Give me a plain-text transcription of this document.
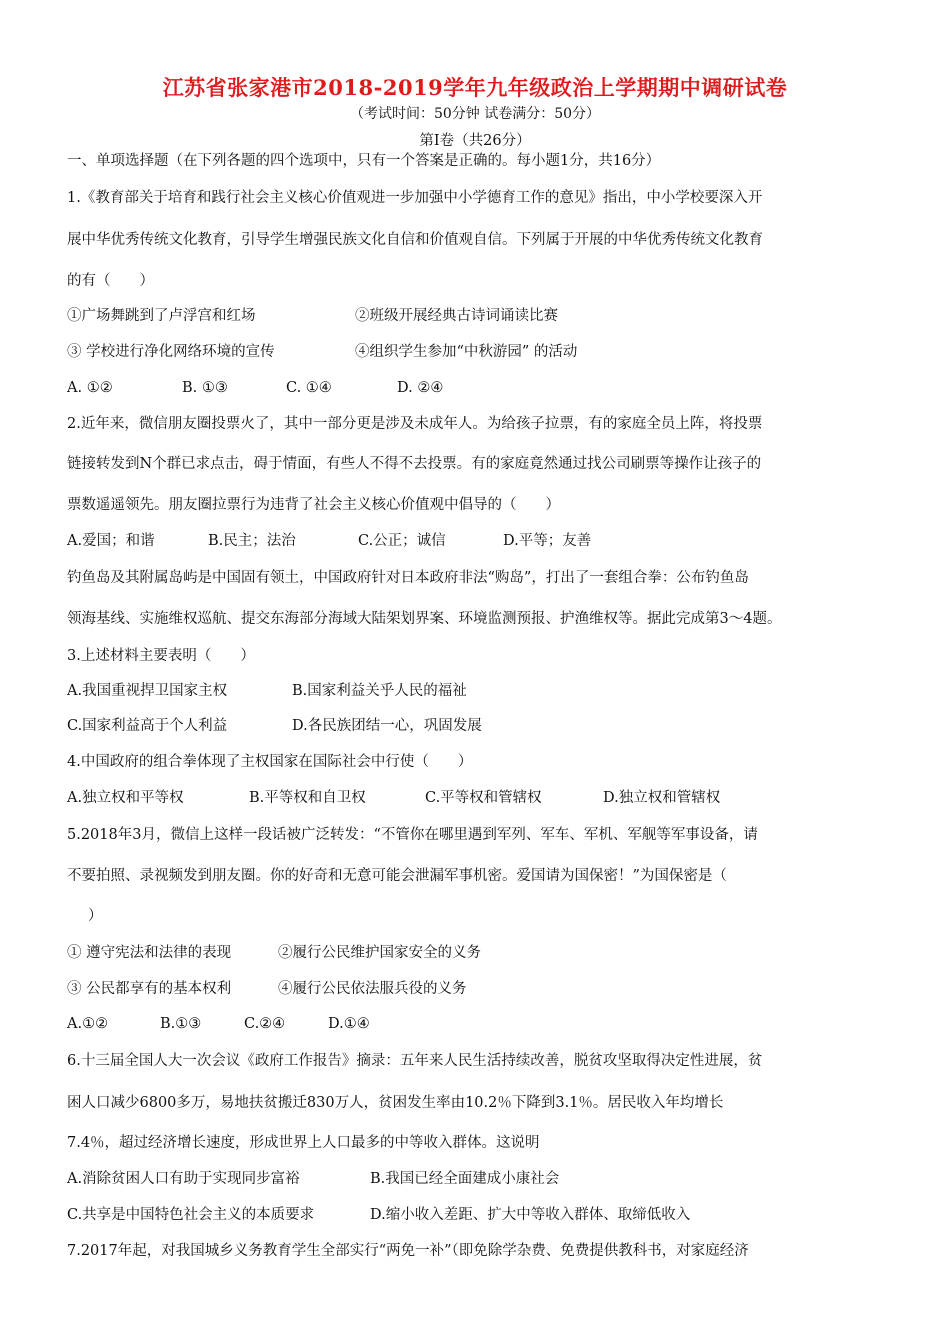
江苏省张家港市2018-2019学年九年级政治上学期期中调研试卷
（考试时间：50分钟 试卷满分：50分）
第Ⅰ卷（共26分）
一、单项选择题（在下列各题的四个选项中，只有一个答案是正确的。每小题1分，共16分）
1.《教育部关于培育和践行社会主义核心价值观进一步加强中小学德育工作的意见》指出，中小学校要深入开
展中华优秀传统文化教育，引导学生增强民族文化自信和价值观自信。下列属于开展的中华优秀传统文化教育
的有（　　）
①广场舞跳到了卢浮宫和红场	②班级开展经典古诗词诵读比赛
③ 学校进行净化网络环境的宣传	④组织学生参加“中秋游园” 的活动
A. ①②	B. ①③	C. ①④	D. ②④
2.近年来，微信朋友圈投票火了，其中一部分更是涉及未成年人。为给孩子拉票，有的家庭全员上阵，将投票
链接转发到N个群已求点击，碍于情面，有些人不得不去投票。有的家庭竟然通过找公司刷票等操作让孩子的
票数遥遥领先。朋友圈拉票行为违背了社会主义核心价值观中倡导的（　　）
A.爱国；和谐	B.民主；法治	C.公正；诚信	D.平等；友善
钓鱼岛及其附属岛屿是中国固有领土，中国政府针对日本政府非法“购岛”，打出了一套组合拳：公布钓鱼岛
领海基线、实施维权巡航、提交东海部分海域大陆架划界案、环境监测预报、护渔维权等。据此完成第3～4题。
3.上述材料主要表明（　　）
A.我国重视捍卫国家主权	B.国家利益关乎人民的福祉
C.国家利益高于个人利益	D.各民族团结一心，巩固发展
4.中国政府的组合拳体现了主权国家在国际社会中行使（　　）
A.独立权和平等权	B.平等权和自卫权	C.平等权和管辖权	D.独立权和管辖权
5.2018年3月，微信上这样一段话被广泛转发：“不管你在哪里遇到军列、军车、军机、军舰等军事设备，请
不要拍照、录视频发到朋友圈。你的好奇和无意可能会泄漏军事机密。爱国请为国保密！”为国保密是（
）
① 遵守宪法和法律的表现	②履行公民维护国家安全的义务
③ 公民都享有的基本权利	④履行公民依法服兵役的义务
A.①②	B.①③	C.②④	D.①④
6.十三届全国人大一次会议《政府工作报告》摘录：五年来人民生活持续改善，脱贫攻坚取得决定性进展，贫
困人口减少6800多万，易地扶贫搬迁830万人，贫困发生率由10.2％下降到3.1％。居民收入年均增长
7.4％，超过经济增长速度，形成世界上人口最多的中等收入群体。这说明
A.消除贫困人口有助于实现同步富裕	B.我国已经全面建成小康社会
C.共享是中国特色社会主义的本质要求	D.缩小收入差距、扩大中等收入群体、取缔低收入
7.2017年起，对我国城乡义务教育学生全部实行“两免一补”（即免除学杂费、免费提供教科书，对家庭经济
